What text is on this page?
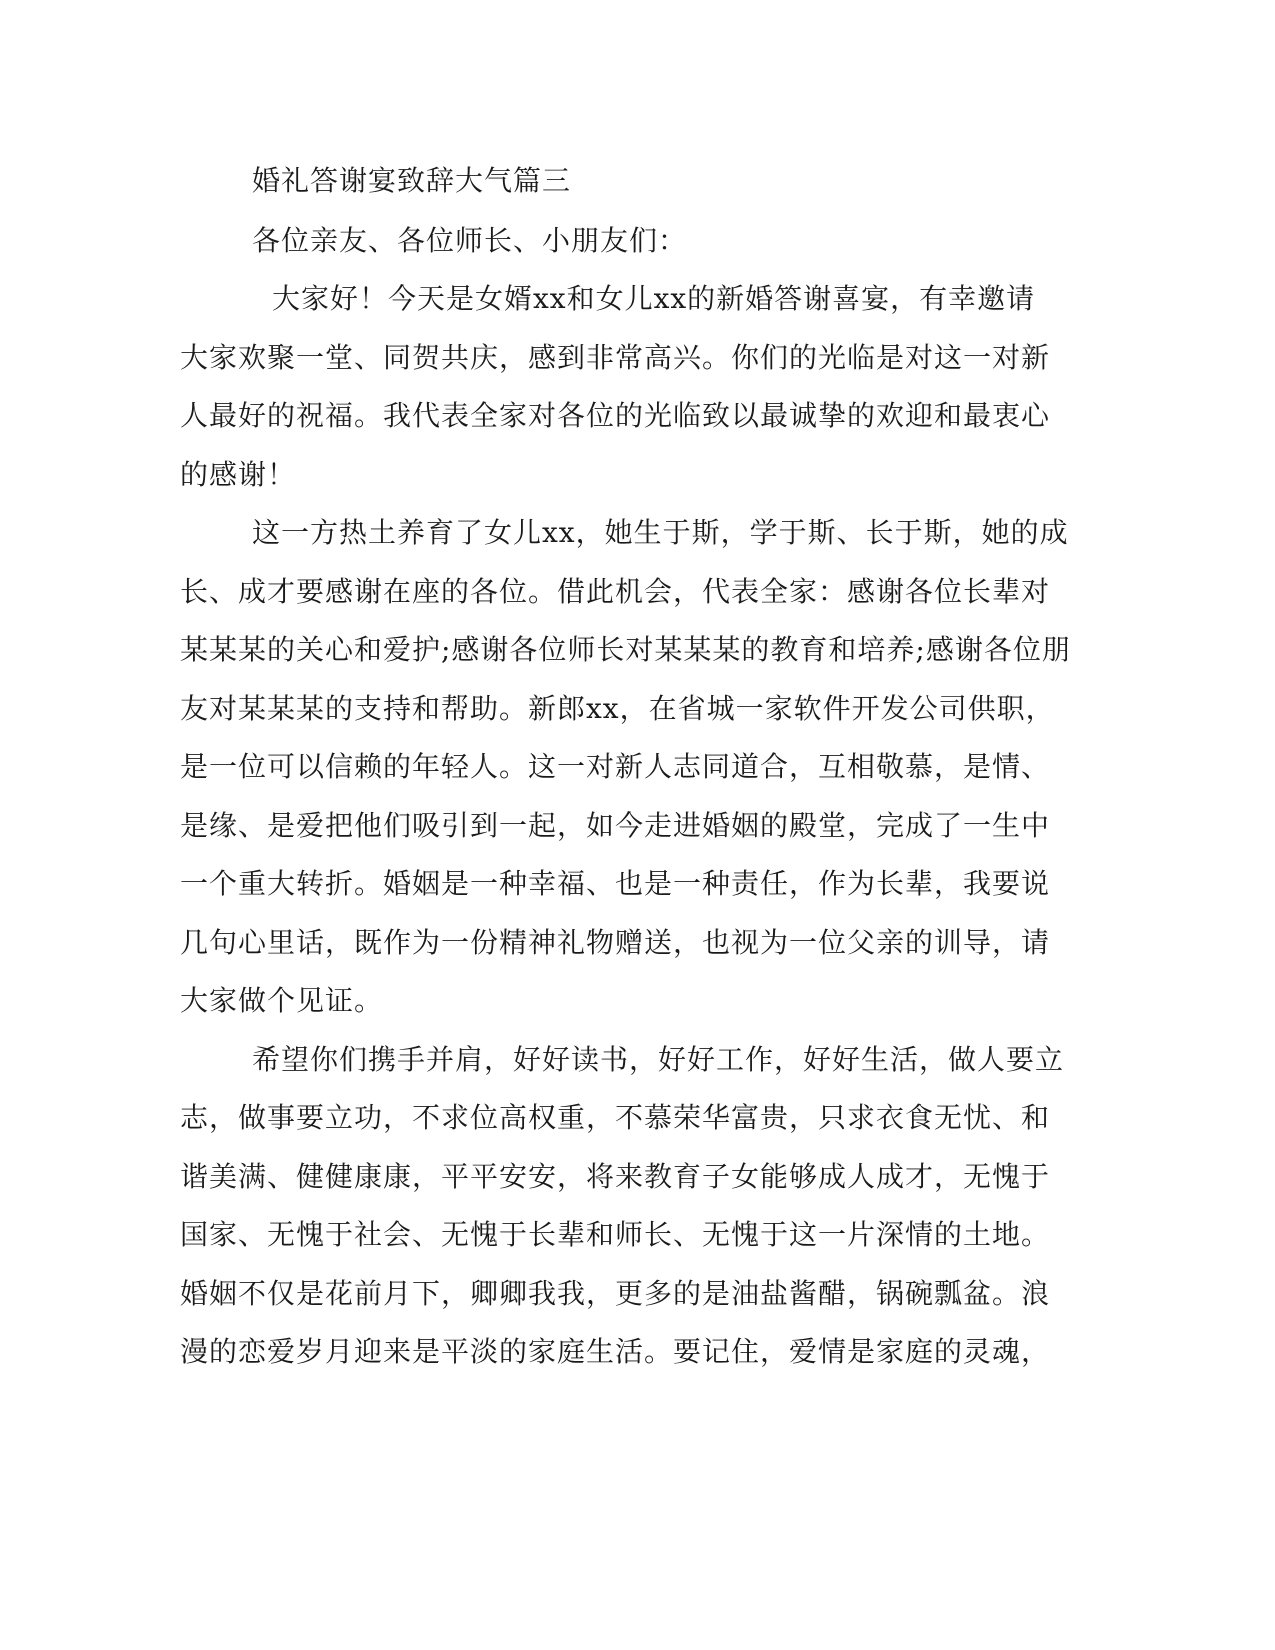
婚礼答谢宴致辞大气篇三
各位亲友、各位师长、小朋友们：
大家好！今天是女婿xx和女儿xx的新婚答谢喜宴，有幸邀请
大家欢聚一堂、同贺共庆，感到非常高兴。你们的光临是对这一对新
人最好的祝福。我代表全家对各位的光临致以最诚挚的欢迎和最衷心
的感谢！
这一方热土养育了女儿xx，她生于斯，学于斯、长于斯，她的成
长、成才要感谢在座的各位。借此机会，代表全家：感谢各位长辈对
某某某的关心和爱护;感谢各位师长对某某某的教育和培养;感谢各位朋
友对某某某的支持和帮助。新郎xx，在省城一家软件开发公司供职，
是一位可以信赖的年轻人。这一对新人志同道合，互相敬慕，是情、
是缘、是爱把他们吸引到一起，如今走进婚姻的殿堂，完成了一生中
一个重大转折。婚姻是一种幸福、也是一种责任，作为长辈，我要说
几句心里话，既作为一份精神礼物赠送，也视为一位父亲的训导，请
大家做个见证。
希望你们携手并肩，好好读书，好好工作，好好生活，做人要立
志，做事要立功，不求位高权重，不慕荣华富贵，只求衣食无忧、和
谐美满、健健康康，平平安安，将来教育子女能够成人成才，无愧于
国家、无愧于社会、无愧于长辈和师长、无愧于这一片深情的土地。
婚姻不仅是花前月下，卿卿我我，更多的是油盐酱醋，锅碗瓢盆。浪
漫的恋爱岁月迎来是平淡的家庭生活。要记住，爱情是家庭的灵魂，
